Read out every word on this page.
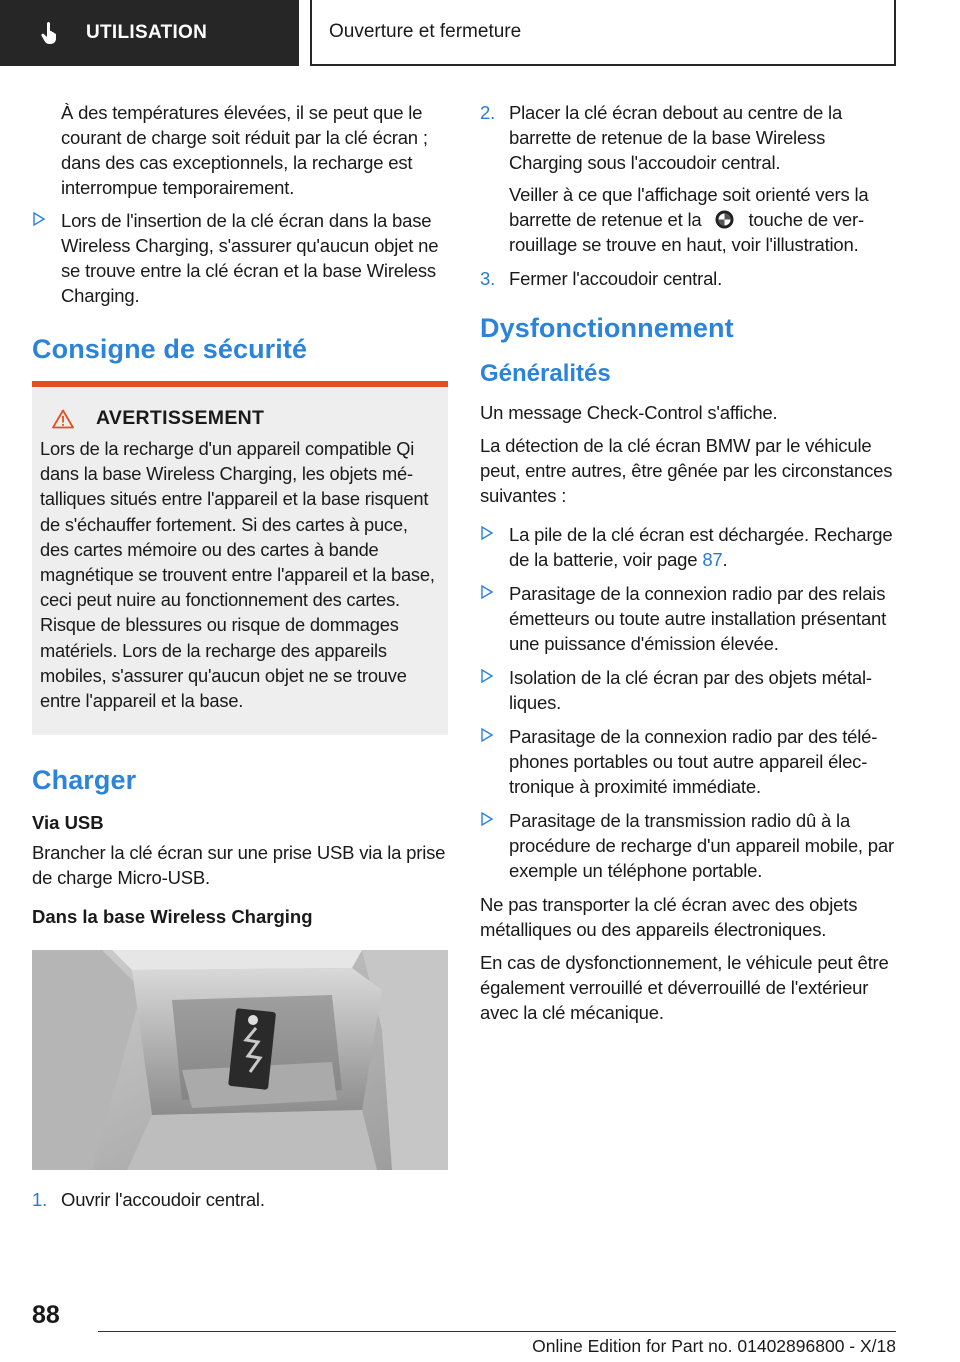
UTILISATION	Ouverture et fermeture

À des températures élevées, il se peut que le courant de charge soit réduit par la clé écran ; dans des cas exceptionnels, la recharge est interrompue temporairement.

Lors de l'insertion de la clé écran dans la base Wireless Charging, s'assurer qu'aucun objet ne se trouve entre la clé écran et la base Wireless Charging.
Consigne de sécurité
AVERTISSEMENT

Lors de la recharge d'un appareil compatible Qi dans la base Wireless Charging, les objets métalliques situés entre l'appareil et la base risquent de s'échauffer fortement. Si des cartes à puce, des cartes mémoire ou des cartes à bande magnétique se trouvent entre l'appareil et la base, ceci peut nuire au fonctionnement des cartes. Risque de blessures ou risque de dommages matériels. Lors de la recharge des appareils mobiles, s'assurer qu'aucun objet ne se trouve entre l'appareil et la base.

Charger
Via USB

Brancher la clé écran sur une prise USB via la prise de charge Micro-USB.

Dans la base Wireless Charging
1. Ouvrir l'accoudoir central.
2. Placer la clé écran debout au centre de la barrette de retenue de la base Wireless Charging sous l'accoudoir central.

Veiller à ce que l'affichage soit orienté vers la barrette de retenue et la	touche de verrouillage se trouve en haut, voir l'illustration.

3. Fermer l'accoudoir central.
Dysfonctionnement
Généralités

Un message Check-Control s'affiche.

La détection de la clé écran BMW par le véhicule peut, entre autres, être gênée par les circonstances suivantes :

La pile de la clé écran est déchargée. Recharge de la batterie, voir page 87.
Parasitage de la connexion radio par des relais émetteurs ou toute autre installation présentant une puissance d'émission élevée.
Isolation de la clé écran par des objets métalliques.
Parasitage de la connexion radio par des téléphones portables ou tout autre appareil électronique à proximité immédiate.
Parasitage de la transmission radio dû à la procédure de recharge d'un appareil mobile, par exemple un téléphone portable.

Ne pas transporter la clé écran avec des objets métalliques ou des appareils électroniques.

En cas de dysfonctionnement, le véhicule peut être également verrouillé et déverrouillé de l'extérieur avec la clé mécanique.

88
Online Edition for Part no. 01402896800 - X/18
